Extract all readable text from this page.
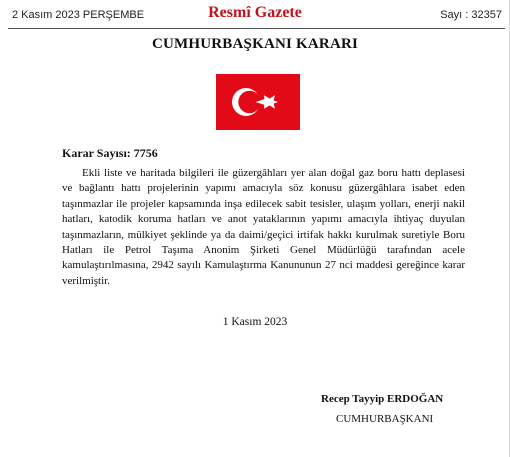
2 Kasım 2023 PERŞEMBE	Resmî Gazete	Sayı : 32357
CUMHURBAŞKANI KARARI
Karar Sayısı: 7756

Ekli liste ve haritada bilgileri ile güzergâhları yer alan doğal gaz boru hattı deplasesi ve bağlantı hattı projelerinin yapımı amacıyla söz konusu güzergâhlara isabet eden taşınmazlar ile projeler kapsamında inşa edilecek sabit tesisler, ulaşım yolları, enerji nakil hatları, katodik koruma hatları ve anot yataklarının yapımı amacıyla ihtiyaç duyulan taşınmazların, mülkiyet şeklinde ya da daimi/geçici irtifak hakkı kurulmak suretiyle Boru Hatları ile Petrol Taşıma Anonim Şirketi Genel Müdürlüğü tarafından acele kamulaştırılmasına, 2942 sayılı Kamulaştırma Kanununun 27 nci maddesi gereğince karar verilmiştir.

1 Kasım 2023
Recep Tayyip ERDOĞAN
CUMHURBAŞKANI
